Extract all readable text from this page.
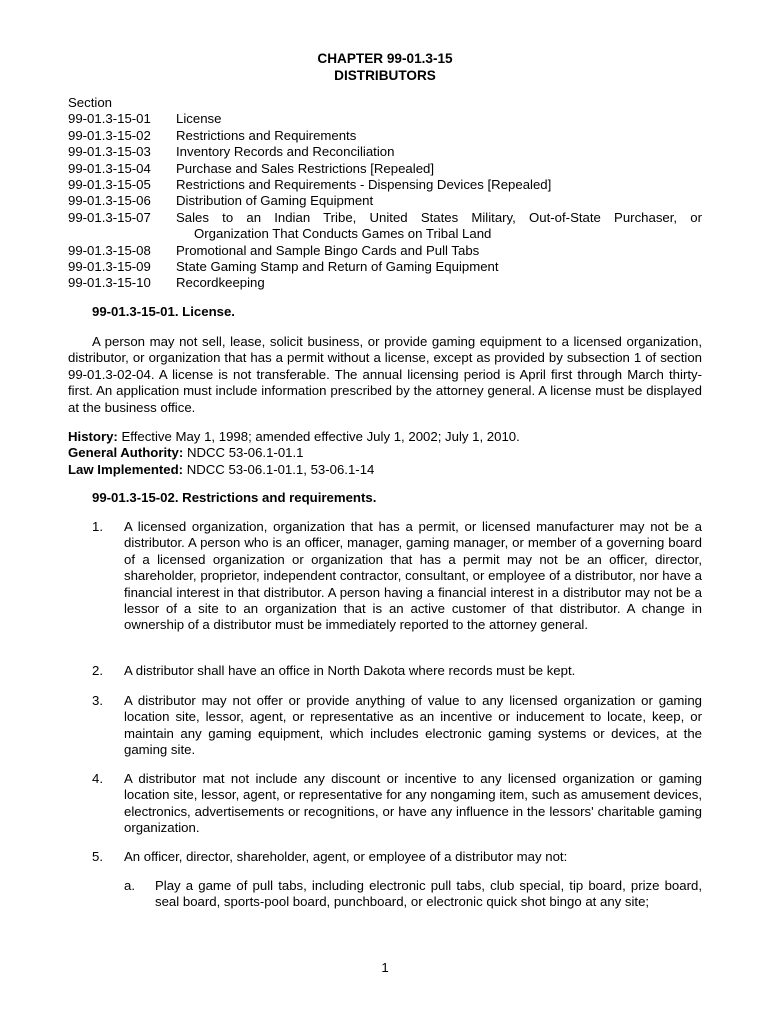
CHAPTER 99-01.3-15
DISTRIBUTORS
Section
99-01.3-15-01	License
99-01.3-15-02	Restrictions and Requirements
99-01.3-15-03	Inventory Records and Reconciliation
99-01.3-15-04	Purchase and Sales Restrictions [Repealed]
99-01.3-15-05	Restrictions and Requirements - Dispensing Devices [Repealed]
99-01.3-15-06	Distribution of Gaming Equipment
99-01.3-15-07	Sales to an Indian Tribe, United States Military, Out-of-State Purchaser, or
Organization That Conducts Games on Tribal Land
99-01.3-15-08	Promotional and Sample Bingo Cards and Pull Tabs
99-01.3-15-09	State Gaming Stamp and Return of Gaming Equipment
99-01.3-15-10	Recordkeeping
99-01.3-15-01. License.
A person may not sell, lease, solicit business, or provide gaming equipment to a licensed organization, distributor, or organization that has a permit without a license, except as provided by subsection 1 of section 99-01.3-02-04. A license is not transferable. The annual licensing period is April first through March thirty-first. An application must include information prescribed by the attorney general. A license must be displayed at the business office.
History: Effective May 1, 1998; amended effective July 1, 2002; July 1, 2010.
General Authority: NDCC 53-06.1-01.1
Law Implemented: NDCC 53-06.1-01.1, 53-06.1-14
99-01.3-15-02. Restrictions and requirements.
1.	A licensed organization, organization that has a permit, or licensed manufacturer may not be a distributor. A person who is an officer, manager, gaming manager, or member of a governing board of a licensed organization or organization that has a permit may not be an officer, director, shareholder, proprietor, independent contractor, consultant, or employee of a distributor, nor have a financial interest in that distributor. A person having a financial interest in a distributor may not be a lessor of a site to an organization that is an active customer of that distributor. A change in ownership of a distributor must be immediately reported to the attorney general.
2.	A distributor shall have an office in North Dakota where records must be kept.
3.	A distributor may not offer or provide anything of value to any licensed organization or gaming location site, lessor, agent, or representative as an incentive or inducement to locate, keep, or maintain any gaming equipment, which includes electronic gaming systems or devices, at the gaming site.
4.	A distributor mat not include any discount or incentive to any licensed organization or gaming location site, lessor, agent, or representative for any nongaming item, such as amusement devices, electronics, advertisements or recognitions, or have any influence in the lessors' charitable gaming organization.
5.	An officer, director, shareholder, agent, or employee of a distributor may not:
a.	Play a game of pull tabs, including electronic pull tabs, club special, tip board, prize board, seal board, sports-pool board, punchboard, or electronic quick shot bingo at any site;
1
